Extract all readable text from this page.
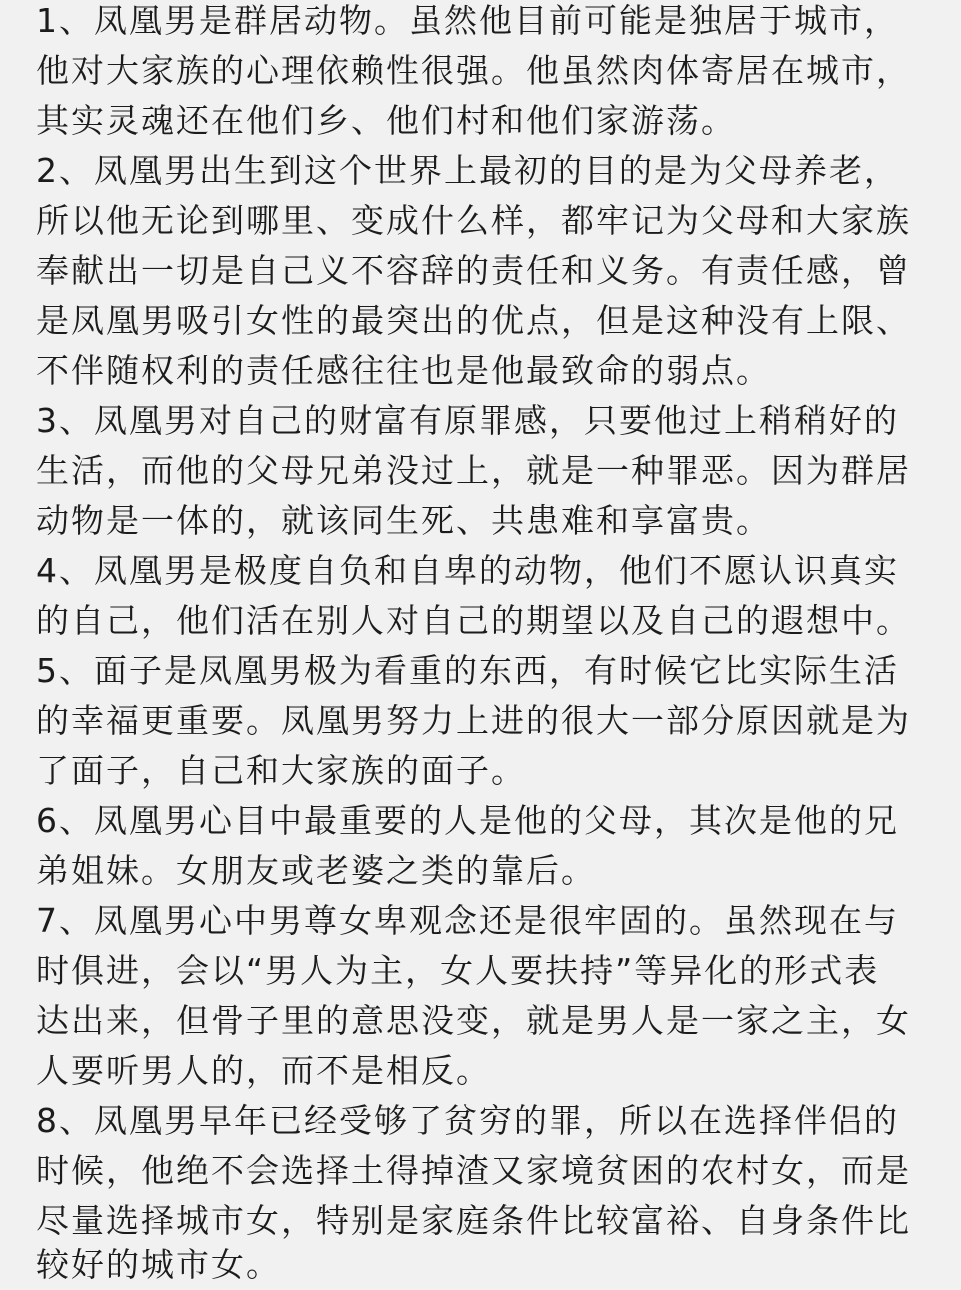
1、凤凰男是群居动物。虽然他目前可能是独居于城市，
他对大家族的心理依赖性很强。他虽然肉体寄居在城市，
其实灵魂还在他们乡、他们村和他们家游荡。
2、凤凰男出生到这个世界上最初的目的是为父母养老，
所以他无论到哪里、变成什么样，都牢记为父母和大家族
奉献出一切是自己义不容辞的责任和义务。有责任感，曾
是凤凰男吸引女性的最突出的优点，但是这种没有上限、
不伴随权利的责任感往往也是他最致命的弱点。
3、凤凰男对自己的财富有原罪感，只要他过上稍稍好的
生活，而他的父母兄弟没过上，就是一种罪恶。因为群居
动物是一体的，就该同生死、共患难和享富贵。
4、凤凰男是极度自负和自卑的动物，他们不愿认识真实
的自己，他们活在别人对自己的期望以及自己的遐想中。
5、面子是凤凰男极为看重的东西，有时候它比实际生活
的幸福更重要。凤凰男努力上进的很大一部分原因就是为
了面子，自己和大家族的面子。
6、凤凰男心目中最重要的人是他的父母，其次是他的兄
弟姐妹。女朋友或老婆之类的靠后。
7、凤凰男心中男尊女卑观念还是很牢固的。虽然现在与
时俱进，会以“男人为主，女人要扶持”等异化的形式表
达出来，但骨子里的意思没变，就是男人是一家之主，女
人要听男人的，而不是相反。
8、凤凰男早年已经受够了贫穷的罪，所以在选择伴侣的
时候，他绝不会选择土得掉渣又家境贫困的农村女，而是
尽量选择城市女，特别是家庭条件比较富裕、自身条件比
较好的城市女。
